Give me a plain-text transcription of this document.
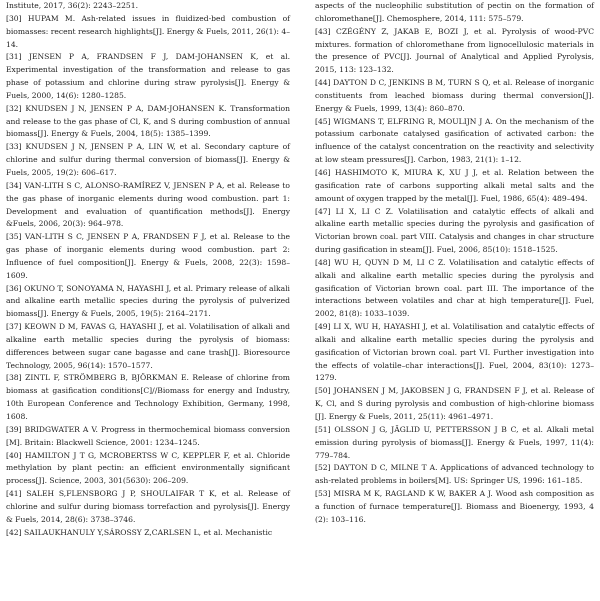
Institute, 2017, 36(2): 2243–2251.
[30] HUPAM M. Ash-related issues in fluidized-bed combustion of biomasses: recent research highlights[J]. Energy & Fuels, 2011, 26(1): 4–14.
[31] JENSEN P A, FRANDSEN F J, DAM-JOHANSEN K, et al. Experimental investigation of the transformation and release to gas phase of potassium and chlorine during straw pyrolysis[J]. Energy & Fuels, 2000, 14(6): 1280–1285.
[32] KNUDSEN J N, JENSEN P A, DAM-JOHANSEN K. Transformation and release to the gas phase of Cl, K, and S during combustion of annual biomass[J]. Energy & Fuels, 2004, 18(5): 1385–1399.
[33] KNUDSEN J N, JENSEN P A, LIN W, et al. Secondary capture of chlorine and sulfur during thermal conversion of biomass[J]. Energy & Fuels, 2005, 19(2): 606–617.
[34] VAN-LITH S C, ALONSO-RAMÍREZ V, JENSEN P A, et al. Release to the gas phase of inorganic elements during wood combustion. part 1: Development and evaluation of quantification methods[J]. Energy &Fuels, 2006, 20(3): 964–978.
[35] VAN-LITH S C, JENSEN P A, FRANDSEN F J, et al. Release to the gas phase of inorganic elements during wood combustion. part 2: Influence of fuel composition[J]. Energy & Fuels, 2008, 22(3): 1598–1609.
[36] OKUNO T, SONOYAMA N, HAYASHI J, et al. Primary release of alkali and alkaline earth metallic species during the pyrolysis of pulverized biomass[J]. Energy & Fuels, 2005, 19(5): 2164–2171.
[37] KEOWN D M, FAVAS G, HAYASHI J, et al. Volatilisation of alkali and alkaline earth metallic species during the pyrolysis of biomass: differences between sugar cane bagasse and cane trash[J]. Bioresource Technology, 2005, 96(14): 1570–1577.
[38] ZINTL F, STRÖMBERG B, BJÖRKMAN E. Release of chlorine from biomass at gasification conditions[C]//Biomass for energy and Industry, 10th European Conference and Technology Exhibition, Germany, 1998, 1608.
[39] BRIDGWATER A V. Progress in thermochemical biomass conversion [M]. Britain: Blackwell Science, 2001: 1234–1245.
[40] HAMILTON J T G, MCROBERTSS W C, KEPPLER F, et al. Chloride methylation by plant pectin: an efficient environmentally significant process[J]. Science, 2003, 301(5630): 206–209.
[41] SALEH S,FLENSBORG J P, SHOULAIFAR T K, et al. Release of chlorine and sulfur during biomass torrefaction and pyrolysis[J]. Energy & Fuels, 2014, 28(6): 3738–3746.
[42] SAILAUKHANULY Y,SÁROSSY Z,CARLSEN L, et al. Mechanistic
aspects of the nucleophilic substitution of pectin on the formation of chloromethane[J]. Chemosphere, 2014, 111: 575–579.
[43] CZÉGÉNY Z, JAKAB E, BOZI J, et al. Pyrolysis of wood-PVC mixtures. formation of chloromethane from lignocellulosic materials in the presence of PVC[J]. Journal of Analytical and Applied Pyrolysis, 2015, 113: 123–132.
[44] DAYTON D C, JENKINS B M, TURN S Q, et al. Release of inorganic constituents from leached biomass during thermal conversion[J]. Energy & Fuels, 1999, 13(4): 860–870.
[45] WIGMANS T, ELFRING R, MOULIJN J A. On the mechanism of the potassium carbonate catalysed gasification of activated carbon: the influence of the catalyst concentration on the reactivity and selectivity at low steam pressures[J]. Carbon, 1983, 21(1): 1–12.
[46] HASHIMOTO K, MIURA K, XU J J, et al. Relation between the gasification rate of carbons supporting alkali metal salts and the amount of oxygen trapped by the metal[J]. Fuel, 1986, 65(4): 489–494.
[47] LI X, LI C Z. Volatilisation and catalytic effects of alkali and alkaline earth metallic species during the pyrolysis and gasification of Victorian brown coal. part VIII. Catalysis and changes in char structure during gasification in steam[J]. Fuel, 2006, 85(10): 1518–1525.
[48] WU H, QUYN D M, LI C Z. Volatilisation and catalytic effects of alkali and alkaline earth metallic species during the pyrolysis and gasification of Victorian brown coal. part III. The importance of the interactions between volatiles and char at high temperature[J]. Fuel, 2002, 81(8): 1033–1039.
[49] LI X, WU H, HAYASHI J, et al. Volatilisation and catalytic effects of alkali and alkaline earth metallic species during the pyrolysis and gasification of Victorian brown coal. part VI. Further investigation into the effects of volatile–char interactions[J]. Fuel, 2004, 83(10): 1273–1279.
[50] JOHANSEN J M, JAKOBSEN J G, FRANDSEN F J, et al. Release of K, Cl, and S during pyrolysis and combustion of high-chlorine biomass [J]. Energy & Fuels, 2011, 25(11): 4961–4971.
[51] OLSSON J G, JÄGLID U, PETTERSSON J B C, et al. Alkali metal emission during pyrolysis of biomass[J]. Energy & Fuels, 1997, 11(4): 779–784.
[52] DAYTON D C, MILNE T A. Applications of advanced technology to ash-related problems in boilers[M]. US: Springer US, 1996: 161–185.
[53] MISRA M K, RAGLAND K W, BAKER A J. Wood ash composition as a function of furnace temperature[J]. Biomass and Bioenergy, 1993, 4 (2): 103–116.
